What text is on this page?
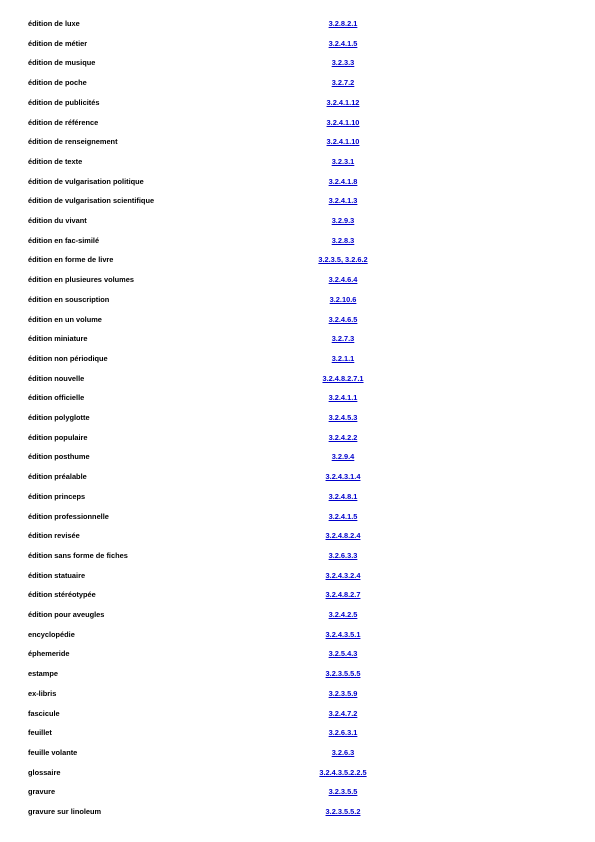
édition de luxe	3.2.8.2.1
édition de métier	3.2.4.1.5
édition de musique	3.2.3.3
édition de poche	3.2.7.2
édition de publicités	3.2.4.1.12
édition de référence	3.2.4.1.10
édition de renseignement	3.2.4.1.10
édition de texte	3.2.3.1
édition de vulgarisation politique	3.2.4.1.8
édition de vulgarisation scientifique	3.2.4.1.3
édition du vivant	3.2.9.3
édition en fac-similé	3.2.8.3
édition en forme de livre	3.2.3.5, 3.2.6.2
édition en plusieures volumes	3.2.4.6.4
édition en souscription	3.2.10.6
édition en un volume	3.2.4.6.5
édition miniature	3.2.7.3
édition non périodique	3.2.1.1
édition nouvelle	3.2.4.8.2.7.1
édition officielle	3.2.4.1.1
édition polyglotte	3.2.4.5.3
édition populaire	3.2.4.2.2
édition posthume	3.2.9.4
édition préalable	3.2.4.3.1.4
édition princeps	3.2.4.8.1
édition professionnelle	3.2.4.1.5
édition revisée	3.2.4.8.2.4
édition sans forme de fiches	3.2.6.3.3
édition statuaire	3.2.4.3.2.4
édition stéréotypée	3.2.4.8.2.7
édition pour aveugles	3.2.4.2.5
encyclopédie	3.2.4.3.5.1
éphemeride	3.2.5.4.3
estampe	3.2.3.5.5.5
ex-libris	3.2.3.5.9
fascicule	3.2.4.7.2
feuillet	3.2.6.3.1
feuille volante	3.2.6.3
glossaire	3.2.4.3.5.2.2.5
gravure	3.2.3.5.5
gravure sur linoleum	3.2.3.5.5.2
